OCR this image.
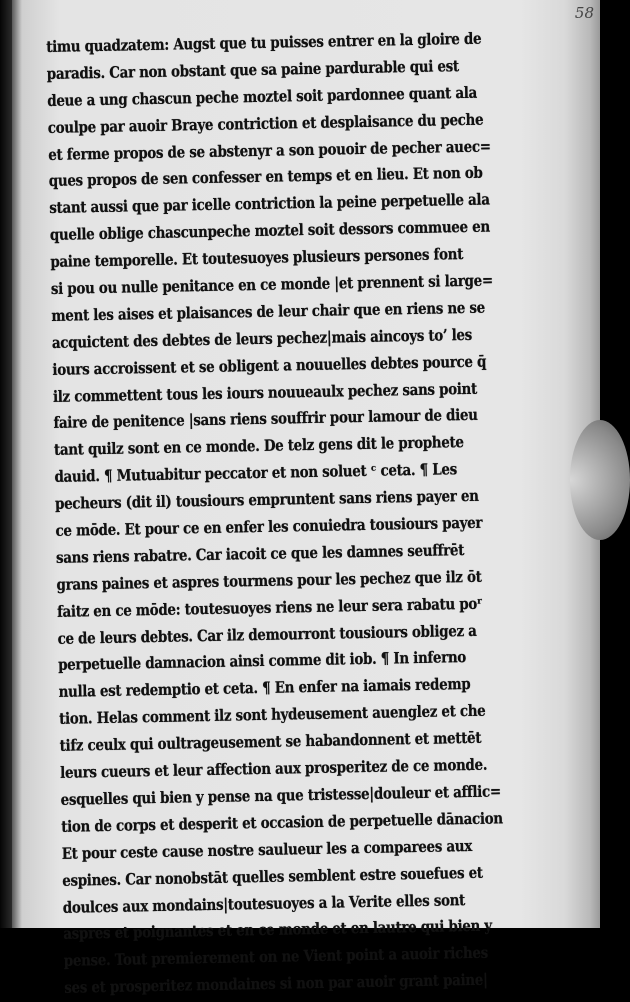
58
timu quadzatem: Augst que tu puisses entrer en la gloire de
paradis. Car non obstant que sa paine pardurable qui est
deue a ung chascun peche moztel soit pardonnee quant ala
coulpe par auoir Braye contriction et desplaisance du peche
et ferme propos de se abstenyr a son pouoir de pecher auec=
ques propos de sen confesser en temps et en lieu. Et non ob
stant aussi que par icelle contriction la peine perpetuelle ala
quelle oblige chascunpeche moztel soit dessors commuee en
paine temporelle. Et toutesuoyes plusieurs persones font
si pou ou nulle penitance en ce monde |et prennent si large=
ment les aises et plaisances de leur chair que en riens ne se
acquictent des debtes de leurs pechez|mais aincoys to’ les
iours accroissent et se obligent a nouuelles debtes pource q̄
ilz commettent tous les iours nouueaulx pechez sans point
faire de penitence |sans riens souffrir pour lamour de dieu
tant quilz sont en ce monde. De telz gens dit le prophete
dauid. ¶ Mutuabitur peccator et non soluet ᶜ ceta. ¶ Les
pecheurs (dit il) tousiours empruntent sans riens payer en
ce mōde. Et pour ce en enfer les conuiedra tousiours payer
sans riens rabatre. Car iacoit ce que les damnes seuffrēt
grans paines et aspres tourmens pour les pechez que ilz ōt
faitz en ce mōde: toutesuoyes riens ne leur sera rabatu poʳ
ce de leurs debtes. Car ilz demourront tousiours obligez a
perpetuelle damnacion ainsi comme dit iob. ¶ In inferno
nulla est redemptio et ceta. ¶ En enfer na iamais redemp
tion. Helas comment ilz sont hydeusement auenglez et che
tifz ceulx qui oultrageusement se habandonnent et mettēt
leurs cueurs et leur affection aux prosperitez de ce monde.
esquelles qui bien y pense na que tristesse|douleur et afflic=
tion de corps et desperit et occasion de perpetuelle dānacion
Et pour ceste cause nostre saulueur les a comparees aux
espines. Car nonobstāt quelles semblent estre souefues et
doulces aux mondains|toutesuoyes a la Verite elles sont
aspres et poignantes et en ce monde et en lautre qui bien y
pense. Tout premierement on ne Vient point a auoir riches
ses et prosperitez mondaines si non par auoir grant paine|
